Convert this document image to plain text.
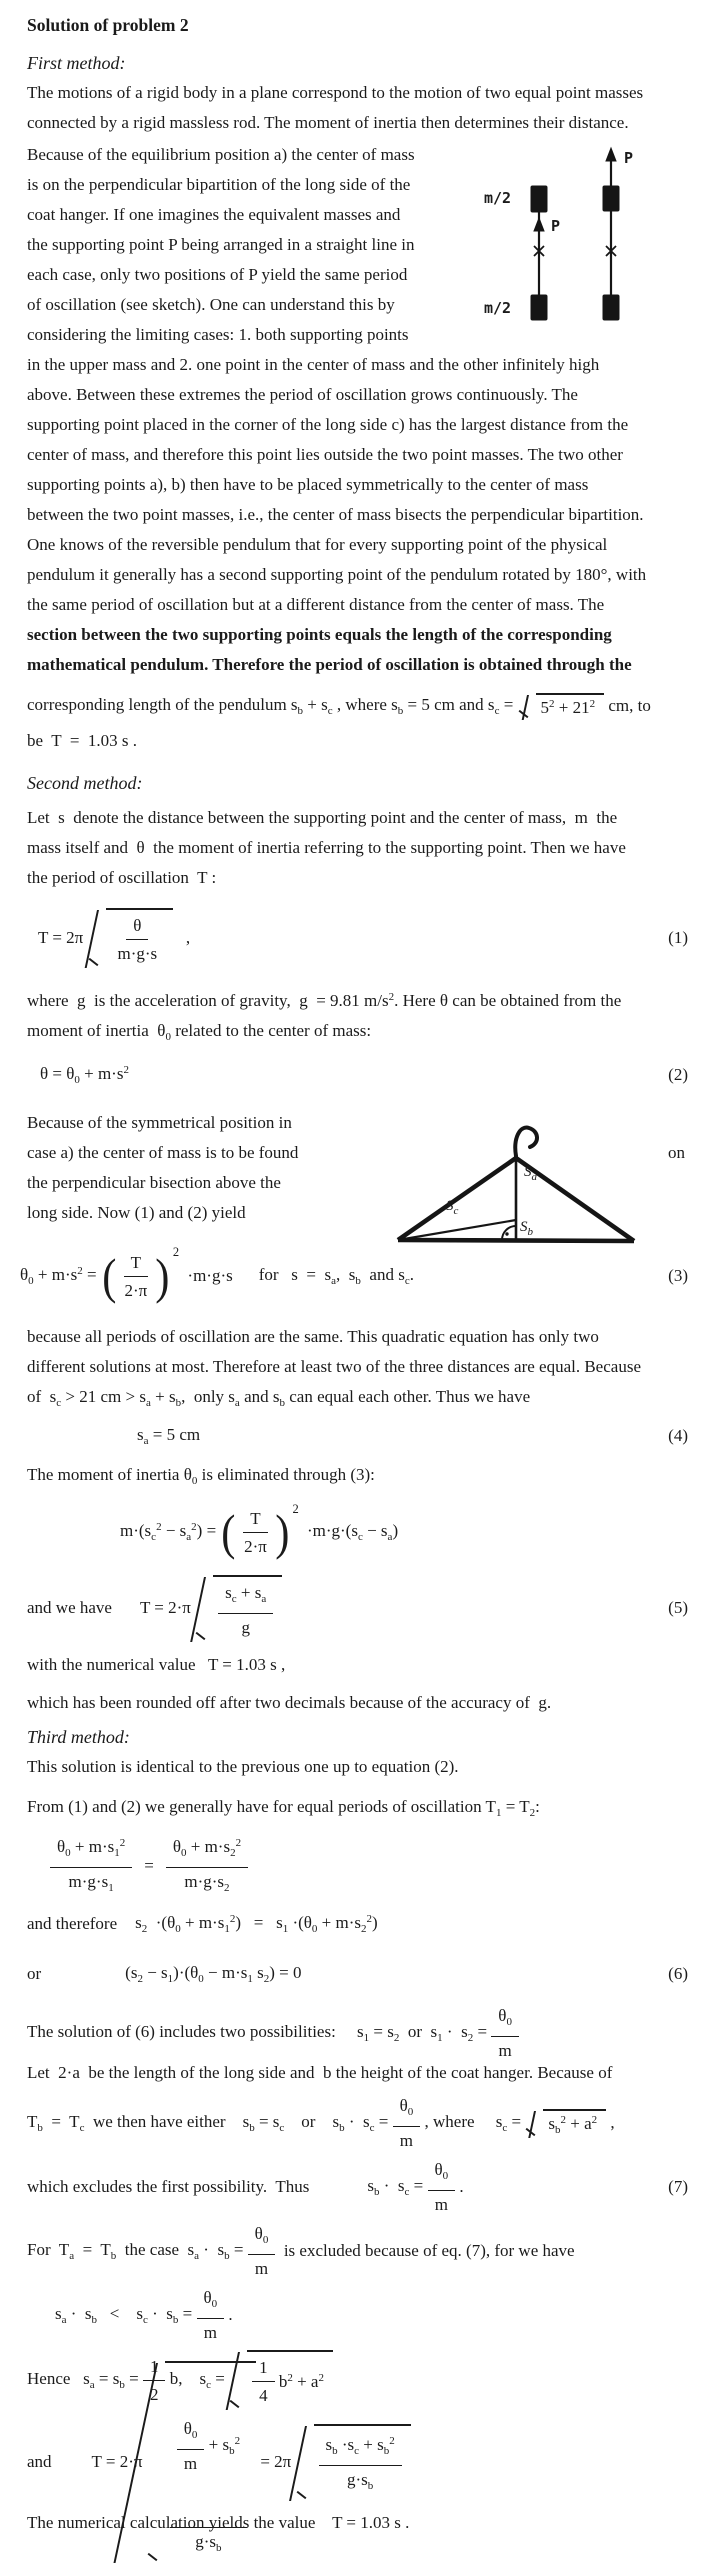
Solution of problem 2
First method:
The motions of a rigid body in a plane correspond to the motion of two equal point masses
connected by a rigid massless rod. The moment of inertia then determines their distance.
Because of the equilibrium position a) the center of mass
is on the perpendicular bipartition of the long side of the
coat hanger. If one imagines the equivalent masses and
the supporting point P being arranged in a straight line in
each case, only two positions of P yield the same period
of oscillation (see sketch). One can understand this by
considering the limiting cases: 1. both supporting points
m/2
P
m/2
P
in the upper mass and 2. one point in the center of mass and the other infinitely high
above. Between these extremes the period of oscillation grows continuously. The
supporting point placed in the corner of the long side c) has the largest distance from the
center of mass, and therefore this point lies outside the two point masses. The two other
supporting points a), b) then have to be placed symmetrically to the center of mass
between the two point masses, i.e., the center of mass bisects the perpendicular bipartition.
One knows of the reversible pendulum that for every supporting point of the physical
pendulum it generally has a second supporting point of the pendulum rotated by 180°, with
the same period of oscillation but at a different distance from the center of mass. The
section between the two supporting points equals the length of the corresponding
mathematical pendulum. Therefore the period of oscillation is obtained through the
corresponding length of the pendulum $s_b + s_c$ , where $s_b = 5$ cm and $s_c = 5^2 + 21^2$ cm, to
be  T  =  1.03 s .
Second method:
Let  s  denote the distance between the supporting point and the center of mass,  m  the
mass itself and  θ  the moment of inertia referring to the supporting point. Then we have
the period of oscillation  T :
$T = 2\pi \frac{\theta}{m\cdot g\cdot s}$ ,	(1)
where  g  is the acceleration of gravity,  g  = 9.81 $m/s^2$. Here θ can be obtained from the
moment of inertia  $\theta_0$ related to the center of mass:
$\theta = \theta_0 + m\cdot s^2$	(2)
Because of the symmetrical position in
case a) the center of mass is to be found
the perpendicular bisection above the
long side. Now (1) and (2) yield
on
$S_a$
$S_c$
$S_b$
$\theta_0 + m\cdot s^2$ = ( $\frac{T}{2\cdot\pi}$ ) 2
·m·g·s for   $s = s_a$,  $s_b$  and $s_c$.	(3)
because all periods of oscillation are the same. This quadratic equation has only two
different solutions at most. Therefore at least two of the three distances are equal. Because
of  $s_c > 21$ cm > $s_a + s_b$,  only $s_a$ and $s_b$ can equal each other. Thus we have
$s_a = 5$ cm	(4)
The moment of inertia $\theta_0$ is eliminated through (3):
$m\cdot(s_c^2 - s_a^2)$ = ( $\frac{T}{2\cdot\pi}$ ) 2
$\cdot m\cdot g\cdot(s_c - s_a)$
and we have $T = 2\cdot\pi \frac{s_c + s_a}{g}$	(5)
with the numerical value   T = 1.03 s ,
which has been rounded off after two decimals because of the accuracy of  g.
Third method:
This solution is identical to the previous one up to equation (2).
From (1) and (2) we generally have for equal periods of oscillation $T_1 = T_2$:
$\frac{\theta_0 + m\cdot s_1^2}{m\cdot g\cdot s_1} = \frac{\theta_0 + m\cdot s_2^2}{m\cdot g\cdot s_2}$
and therefore $s_2 \cdot(\theta_0 + m\cdot s_1^2) = s_1 \cdot(\theta_0 + m\cdot s_2^2)$
or	$(s_2 - s_1)\cdot(\theta_0 - m\cdot s_1$ $s_2) = 0$	(6)
The solution of (6) includes two possibilities:     $s_1 = s_2$  or  $s_1 \cdot s_2 = \frac{\theta_0}{m}$
Let  2·a  be the length of the long side and  b the height of the coat hanger. Because of
$T_b = T_c$  we then have either    $s_b = s_c$    or    $s_b \cdot s_c = \frac{\theta_0}{m}$ , where     $s_c = s_b^2 + a^2$ ,
which excludes the first possibility.  Thus	$s_b \cdot s_c = \frac{\theta_0}{m}$ .	(7)
For  $T_a = T_b$  the case  $s_a \cdot s_b = \frac{\theta_0}{m}$ is excluded because of eq. (7), for we have
$s_a \cdot s_b$   <    $s_c \cdot s_b = \frac{\theta_0}{m}$ .
Hence   $s_a = s_b = \frac{1}{2} b$,    $s_c = \frac{1}{4} b^2 + a^2$
and T = 2·π

$\frac{\frac{\theta_0}{m} + s_b^2}{g\cdot s_b} = 2\pi \frac{s_b \cdot s_c + s_b^2}{g\cdot s_b}$
The numerical calculation yields the value    T = 1.03 s .
